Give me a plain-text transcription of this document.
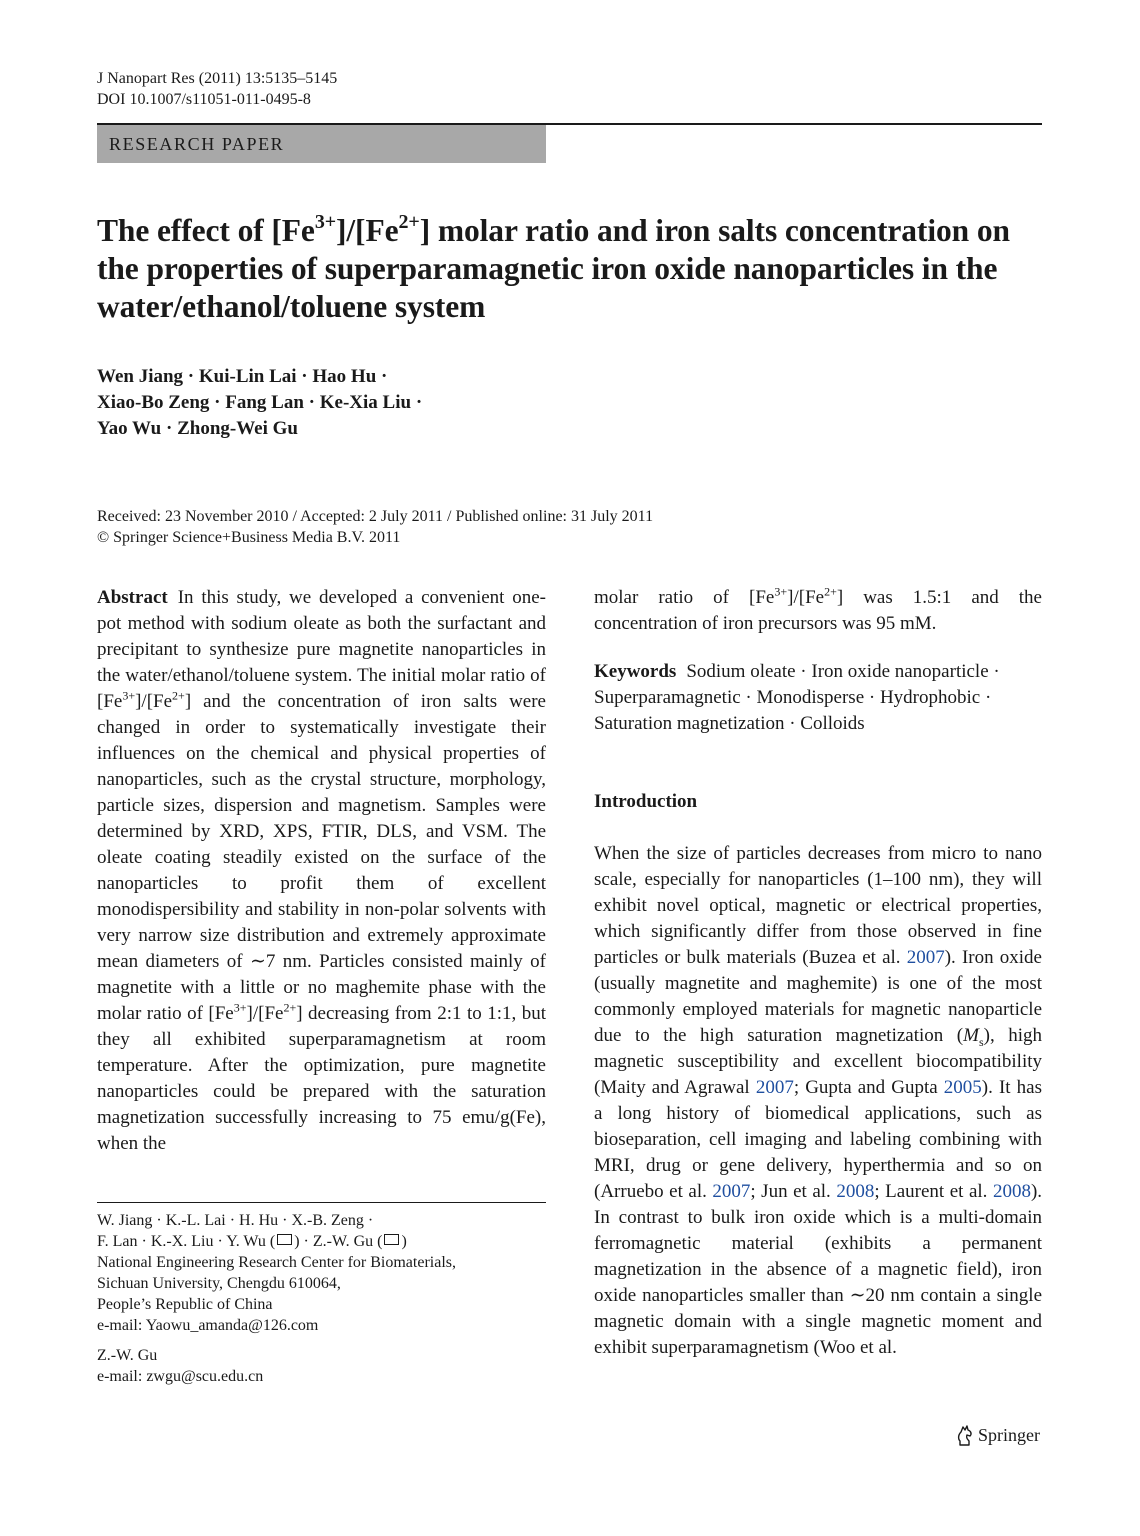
J Nanopart Res (2011) 13:5135–5145
DOI 10.1007/s11051-011-0495-8
RESEARCH PAPER
The effect of $[Fe^{3+}]/[Fe^{2+}]$ molar ratio and iron salts concentration on the properties of superparamagnetic iron oxide nanoparticles in the water/ethanol/toluene system
Wen Jiang · Kui-Lin Lai · Hao Hu ·
Xiao-Bo Zeng · Fang Lan · Ke-Xia Liu ·
Yao Wu · Zhong-Wei Gu
Received: 23 November 2010 / Accepted: 2 July 2011 / Published online: 31 July 2011
© Springer Science+Business Media B.V. 2011

Abstract In this study, we developed a convenient one-pot method with sodium oleate as both the surfactant and precipitant to synthesize pure magnetite nanoparticles in the water/ethanol/toluene system. The initial molar ratio of $[Fe^{3+}]/[Fe^{2+}]$ and the concentration of iron salts were changed in order to systematically investigate their influences on the chemical and physical properties of nanoparticles, such as the crystal structure, morphology, particle sizes, dispersion and magnetism. Samples were determined by XRD, XPS, FTIR, DLS, and VSM. The oleate coating steadily existed on the surface of the nanoparticles to profit them of excellent monodispersibility and stability in non-polar solvents with very narrow size distribution and extremely approximate mean diameters of ∼7 nm. Particles consisted mainly of magnetite with a little or no maghemite phase with the molar ratio of $[Fe^{3+}]/[Fe^{2+}]$ decreasing from 2:1 to 1:1, but they all exhibited superparamagnetism at room temperature. After the optimization, pure magnetite nanoparticles could be prepared with the saturation magnetization successfully increasing to 75 emu/g(Fe), when the

molar ratio of $[Fe^{3+}]/[Fe^{2+}]$ was 1.5:1 and the concentration of iron precursors was 95 mM.

Keywords Sodium oleate · Iron oxide nanoparticle · Superparamagnetic · Monodisperse · Hydrophobic · Saturation magnetization · Colloids

Introduction

When the size of particles decreases from micro to nano scale, especially for nanoparticles (1–100 nm), they will exhibit novel optical, magnetic or electrical properties, which significantly differ from those observed in fine particles or bulk materials (Buzea et al. 2007). Iron oxide (usually magnetite and maghemite) is one of the most commonly employed materials for magnetic nanoparticle due to the high saturation magnetization $(M_s)$, high magnetic susceptibility and excellent biocompatibility (Maity and Agrawal 2007; Gupta and Gupta 2005). It has a long history of biomedical applications, such as bioseparation, cell imaging and labeling combining with MRI, drug or gene delivery, hyperthermia and so on (Arruebo et al. 2007; Jun et al. 2008; Laurent et al. 2008). In contrast to bulk iron oxide which is a multi-domain ferromagnetic material (exhibits a permanent magnetization in the absence of a magnetic field), iron oxide nanoparticles smaller than ∼20 nm contain a single magnetic domain with a single magnetic moment and exhibit superparamagnetism (Woo et al.

W. Jiang · K.-L. Lai · H. Hu · X.-B. Zeng ·

F. Lan · K.-X. Liu · Y. Wu ( ) · Z.-W. Gu ( )

National Engineering Research Center for Biomaterials,

Sichuan University, Chengdu 610064,

People’s Republic of China

e-mail: Yaowu_amanda@126.com

Z.-W. Gu

e-mail: zwgu@scu.edu.cn

Springer
